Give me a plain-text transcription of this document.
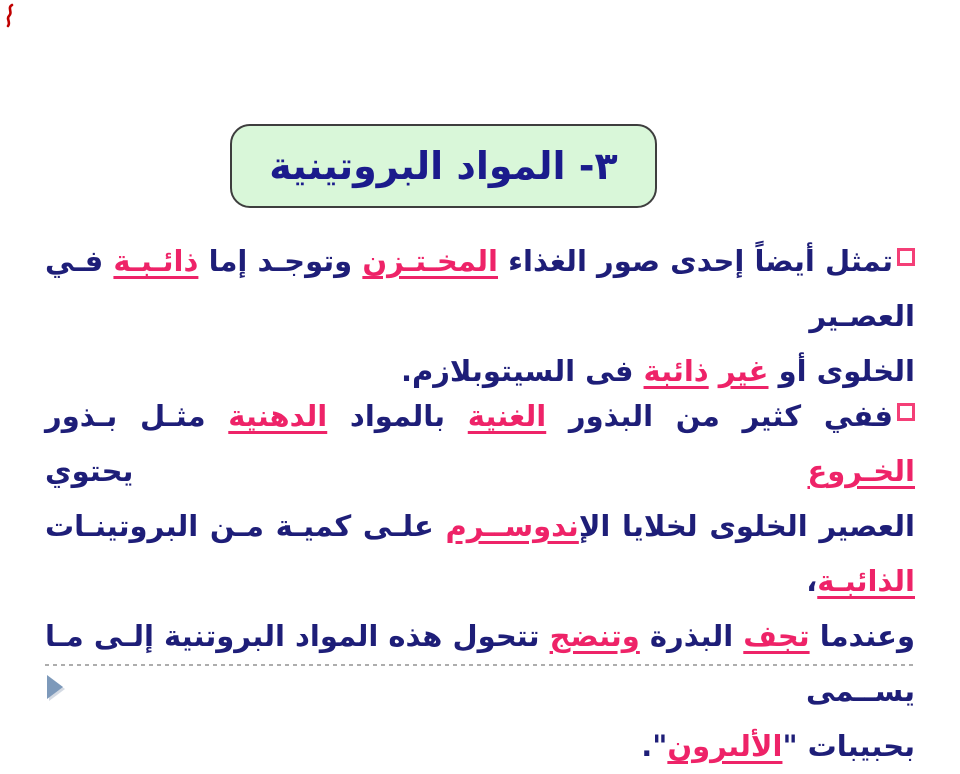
٣- المواد البروتينية
تمثل أيضاً إحدى صور الغذاء المخـتـزن وتوجـد إما ذائـبـة فـي العصـير
الخلوى أو غير ذائبة فى السيتوبلازم.
ففي كثير من البذور الغنية بالمواد الدهنية مثـل بـذور الخـروع يحتوي
العصير الخلوى لخلايا الإندوســرم علـى كميـة مـن البروتينـات الذائبـة،
وعندما تجف البذرة وتنضج تتحول هذه المواد البروتنية إلـى مـا يســمى
بحبيبات "الألىرون".
